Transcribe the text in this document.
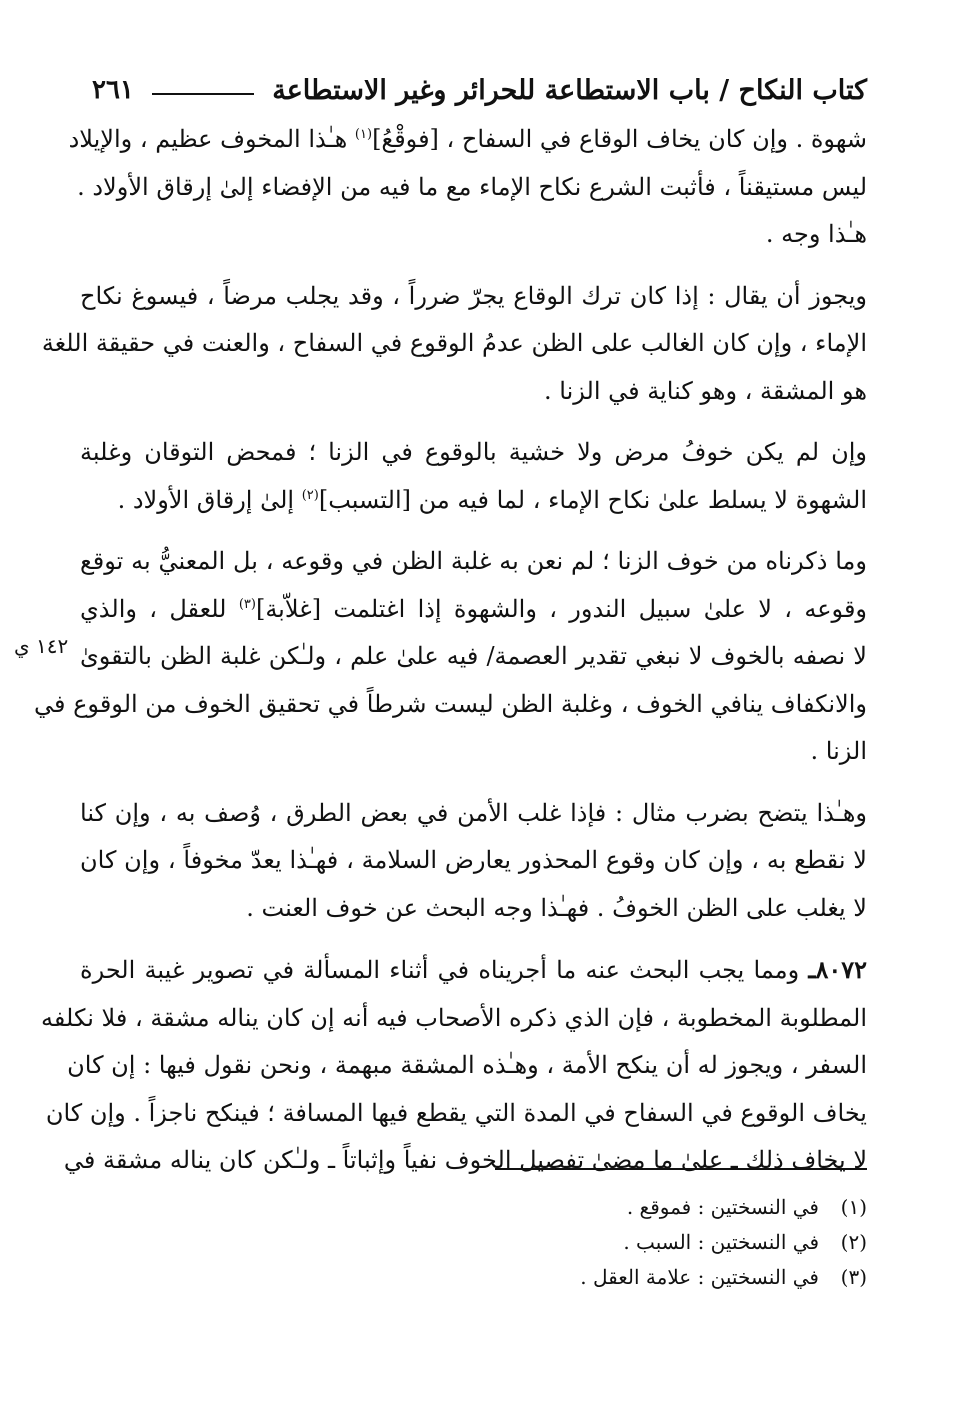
كتاب النكاح / باب الاستطاعة للحرائر وغير الاستطاعة
٢٦١

شهوة . وإن كان يخاف الوقاع في السفاح ، [فوقْعُ]$^{(١)}$ هـٰذا المخوف عظيم ، والإيلاد
ليس مستيقناً ، فأثبت الشرع نكاح الإماء مع ما فيه من الإفضاء إلىٰ إرقاق الأولاد .
هـٰذا وجه .

ويجوز أن يقال : إذا كان ترك الوقاع يجرّ ضرراً ، وقد يجلب مرضاً ، فيسوغ نكاح
الإماء ، وإن كان الغالب على الظن عدمُ الوقوع في السفاح ، والعنت في حقيقة اللغة
هو المشقة ، وهو كناية في الزنا .

وإن لم يكن خوفُ مرض ولا خشية بالوقوع في الزنا ؛ فمحض التوقان وغلبة
الشهوة لا يسلط علىٰ نكاح الإماء ، لما فيه من [التسبب]$^{(٢)}$ إلىٰ إرقاق الأولاد .

وما ذكرناه من خوف الزنا ؛ لم نعن به غلبة الظن في وقوعه ، بل المعنيُّ به توقع
وقوعه ، لا علىٰ سبيل الندور ، والشهوة إذا اغتلمت [غلاّبة]$^{(٣)}$ للعقل ، والذي
لا نصفه بالخوف لا نبغي تقدير العصمة/ فيه علىٰ علم ، ولـٰكن غلبة الظن بالتقوىٰ
والانكفاف ينافي الخوف ، وغلبة الظن ليست شرطاً في تحقيق الخوف من الوقوع في
الزنا .

وهـٰذا يتضح بضرب مثال : فإذا غلب الأمن في بعض الطرق ، وُصف به ، وإن كنا
لا نقطع به ، وإن كان وقوع المحذور يعارض السلامة ، فهـٰذا يعدّ مخوفاً ، وإن كان
لا يغلب على الظن الخوفُ . فهـٰذا وجه البحث عن خوف العنت .

٨٠٧٢ـ ومما يجب البحث عنه ما أجريناه في أثناء المسألة في تصوير غيبة الحرة
المطلوبة المخطوبة ، فإن الذي ذكره الأصحاب فيه أنه إن كان يناله مشقة ، فلا نكلفه
السفر ، ويجوز له أن ينكح الأمة ، وهـٰذه المشقة مبهمة ، ونحن نقول فيها : إن كان
يخاف الوقوع في السفاح في المدة التي يقطع فيها المسافة ؛ فينكح ناجزاً . وإن كان
لا يخاف ذلك ـ علىٰ ما مضىٰ تفصيل الخوف نفياً وإثباتاً ـ ولـٰكن كان يناله مشقة في

١٤٢ ي
(١)
في النسختين : فموقع .
(٢)
في النسختين : السبب .
(٣)
في النسختين : علامة العقل .
